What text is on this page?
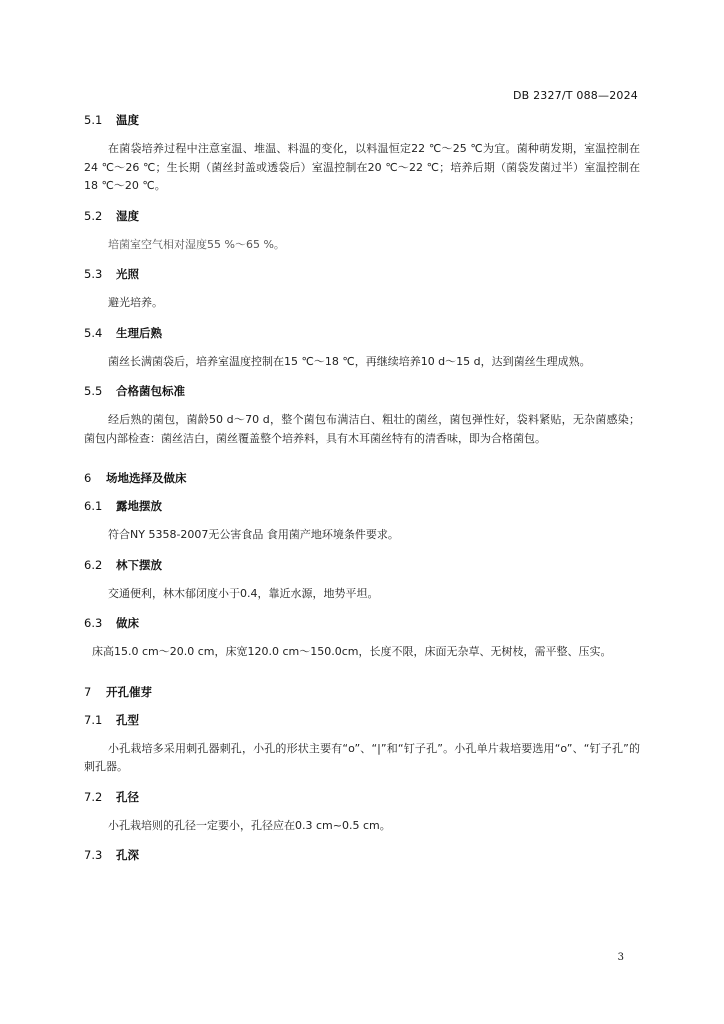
DB 2327/T 088—2024
5.1	温度

在菌袋培养过程中注意室温、堆温、料温的变化，以料温恒定22 ℃～25 ℃为宜。菌种萌发期，室温控制在24 ℃～26 ℃；生长期（菌丝封盖或透袋后）室温控制在20 ℃～22 ℃；培养后期（菌袋发菌过半）室温控制在18 ℃～20 ℃。

5.2	湿度

培菌室空气相对湿度55 %～65 %。

5.3	光照

避光培养。

5.4	生理后熟

菌丝长满菌袋后，培养室温度控制在15 ℃～18 ℃，再继续培养10 d～15 d，达到菌丝生理成熟。

5.5	合格菌包标准

经后熟的菌包，菌龄50 d～70 d，整个菌包布满洁白、粗壮的菌丝，菌包弹性好，袋料紧贴，无杂菌感染；菌包内部检查：菌丝洁白，菌丝覆盖整个培养料，具有木耳菌丝特有的清香味，即为合格菌包。

6	场地选择及做床
6.1	露地摆放

符合NY 5358-2007无公害食品 食用菌产地环境条件要求。

6.2	林下摆放

交通便利，林木郁闭度小于0.4，靠近水源，地势平坦。

6.3	做床

床高15.0 cm～20.0 cm，床宽120.0 cm～150.0cm，长度不限，床面无杂草、无树枝，需平整、压实。

7	开孔催芽
7.1	孔型

小孔栽培多采用刺孔器刺孔，小孔的形状主要有“o”、“|”和“钉子孔”。小孔单片栽培要选用“o”、“钉子孔”的刺孔器。

7.2	孔径

小孔栽培则的孔径一定要小，孔径应在0.3 cm~0.5 cm。

7.3	孔深
3
